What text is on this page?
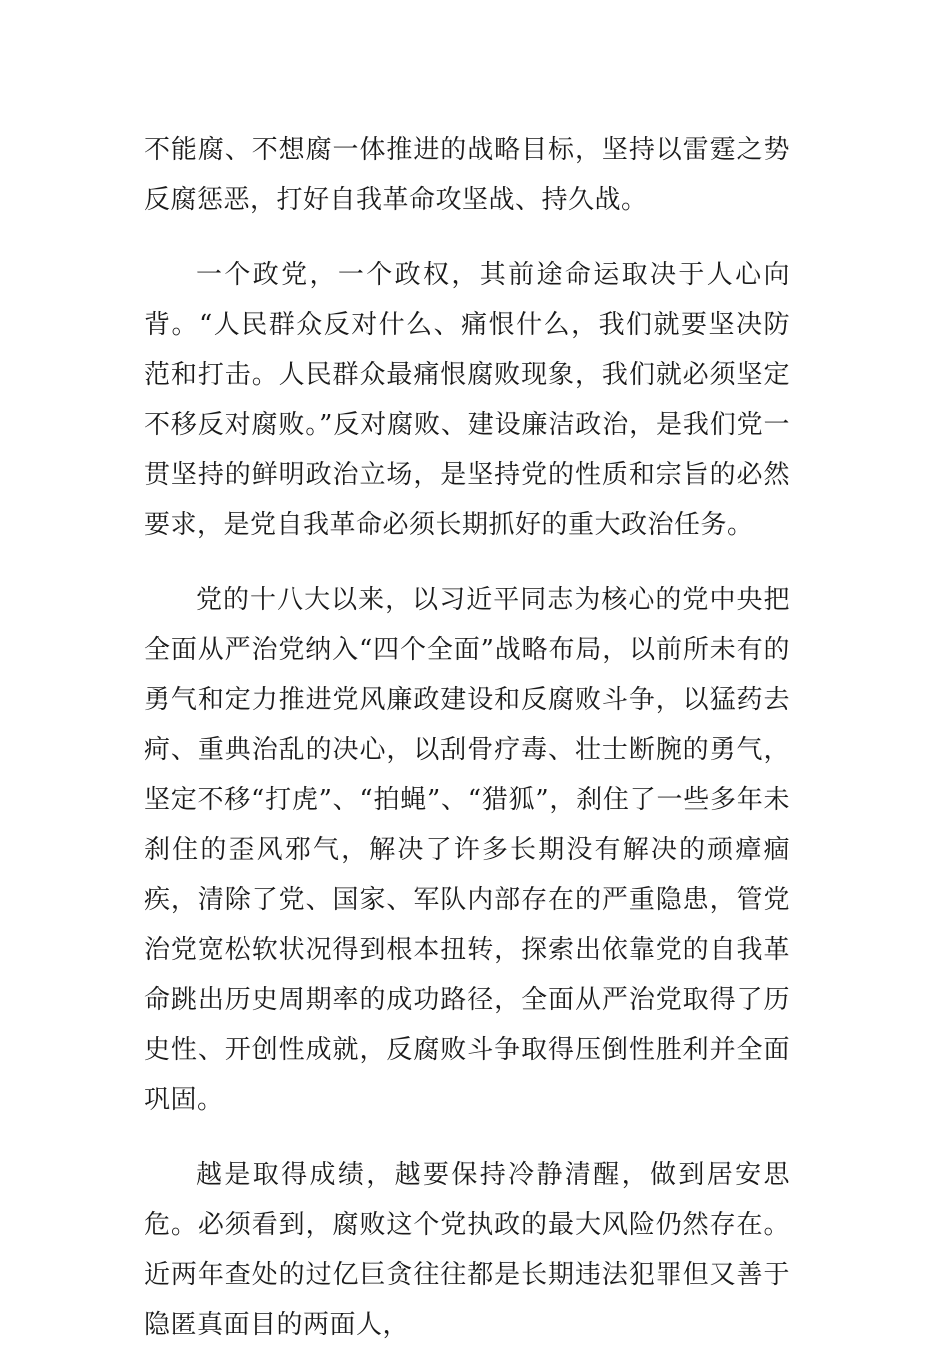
不能腐、不想腐一体推进的战略目标，坚持以雷霆之势反腐惩恶，打好自我革命攻坚战、持久战。

一个政党，一个政权，其前途命运取决于人心向背。“人民群众反对什么、痛恨什么，我们就要坚决防范和打击。人民群众最痛恨腐败现象，我们就必须坚定不移反对腐败。”反对腐败、建设廉洁政治，是我们党一贯坚持的鲜明政治立场，是坚持党的性质和宗旨的必然要求，是党自我革命必须长期抓好的重大政治任务。

党的十八大以来，以习近平同志为核心的党中央把全面从严治党纳入“四个全面”战略布局，以前所未有的勇气和定力推进党风廉政建设和反腐败斗争，以猛药去疴、重典治乱的决心，以刮骨疗毒、壮士断腕的勇气，坚定不移“打虎”、“拍蝇”、“猎狐”，刹住了一些多年未刹住的歪风邪气，解决了许多长期没有解决的顽瘴痼疾，清除了党、国家、军队内部存在的严重隐患，管党治党宽松软状况得到根本扭转，探索出依靠党的自我革命跳出历史周期率的成功路径，全面从严治党取得了历史性、开创性成就，反腐败斗争取得压倒性胜利并全面巩固。

越是取得成绩，越要保持冷静清醒，做到居安思危。必须看到，腐败这个党执政的最大风险仍然存在。近两年查处的过亿巨贪往往都是长期违法犯罪但又善于隐匿真面目的两面人，
